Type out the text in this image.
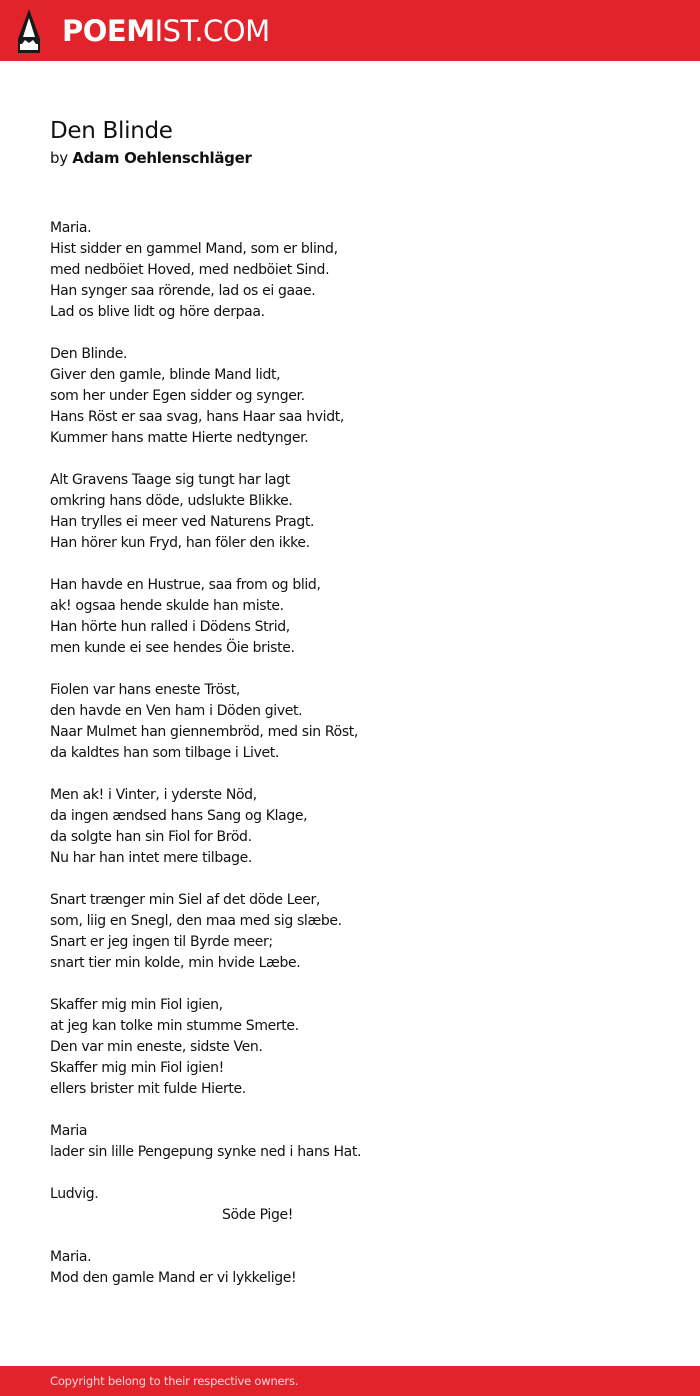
POEMIST.COM
Den Blinde
by Adam Oehlenschläger
Maria.
Hist sidder en gammel Mand, som er blind,
med nedböiet Hoved, med nedböiet Sind.
Han synger saa rörende, lad os ei gaae.
Lad os blive lidt og höre derpaa.
Den Blinde.
Giver den gamle, blinde Mand lidt,
som her under Egen sidder og synger.
Hans Röst er saa svag, hans Haar saa hvidt,
Kummer hans matte Hierte nedtynger.
Alt Gravens Taage sig tungt har lagt
omkring hans döde, udslukte Blikke.
Han trylles ei meer ved Naturens Pragt.
Han hörer kun Fryd, han föler den ikke.
Han havde en Hustrue, saa from og blid,
ak! ogsaa hende skulde han miste.
Han hörte hun ralled i Dödens Strid,
men kunde ei see hendes Öie briste.
Fiolen var hans eneste Tröst,
den havde en Ven ham i Döden givet.
Naar Mulmet han giennembröd, med sin Röst,
da kaldtes han som tilbage i Livet.
Men ak! i Vinter, i yderste Nöd,
da ingen ændsed hans Sang og Klage,
da solgte han sin Fiol for Bröd.
Nu har han intet mere tilbage.
Snart trænger min Siel af det döde Leer,
som, liig en Snegl, den maa med sig slæbe.
Snart er jeg ingen til Byrde meer;
snart tier min kolde, min hvide Læbe.
Skaffer mig min Fiol igien,
at jeg kan tolke min stumme Smerte.
Den var min eneste, sidste Ven.
Skaffer mig min Fiol igien!
ellers brister mit fulde Hierte.
Maria
lader sin lille Pengepung synke ned i hans Hat.
Ludvig.
Söde Pige!
Maria.
Mod den gamle Mand er vi lykkelige!
Copyright belong to their respective owners.
